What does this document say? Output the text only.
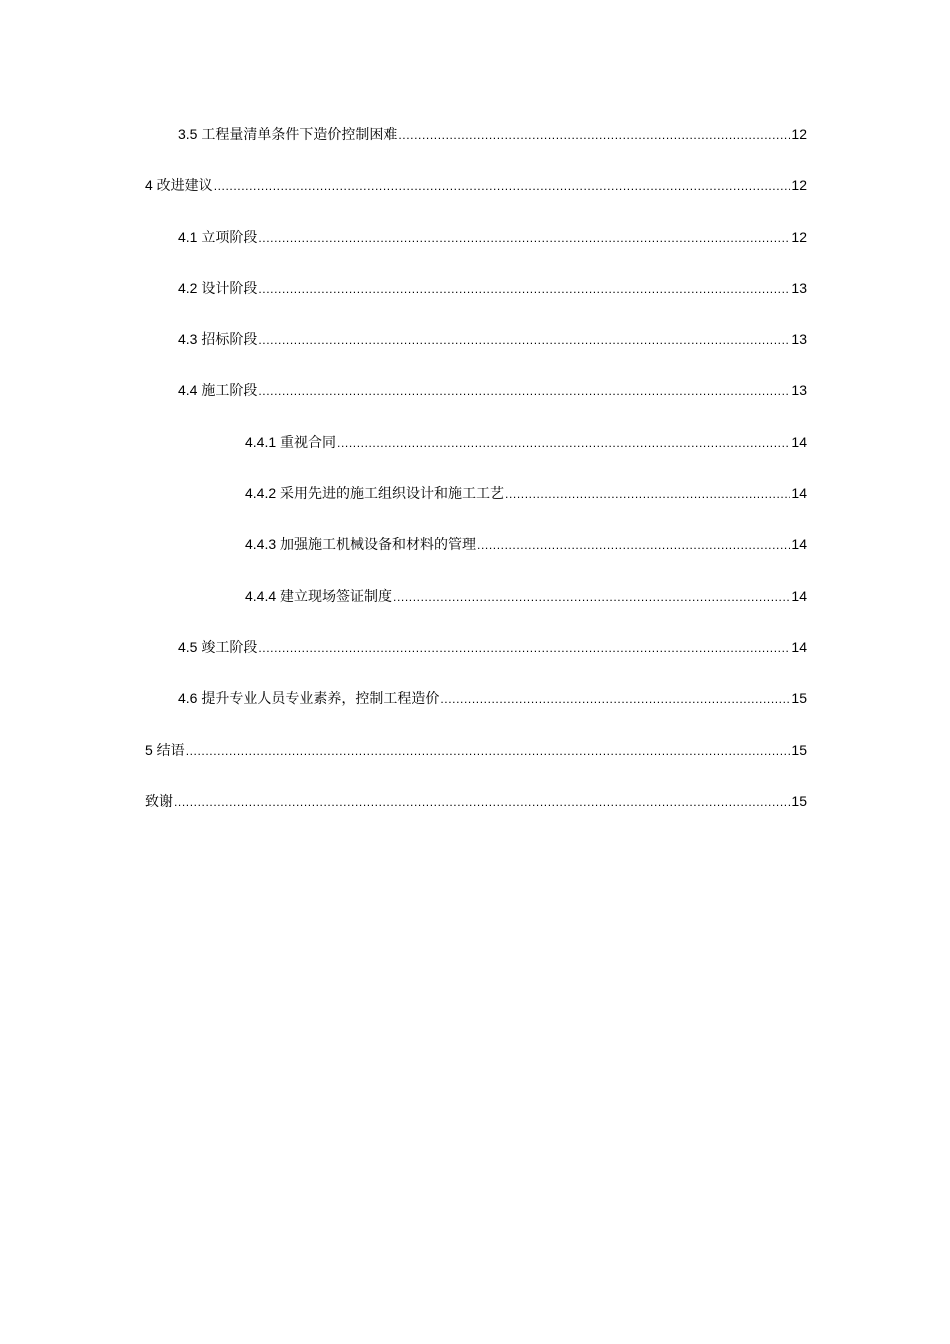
3.5 工程量清单条件下造价控制困难 .....	12
4 改进建议 .....	12
4.1 立项阶段 .....	12
4.2 设计阶段 .....	13
4.3 招标阶段 .....	13
4.4 施工阶段 .....	13
4.4.1 重视合同 .....	14
4.4.2 采用先进的施工组织设计和施工工艺 .....	14
4.4.3 加强施工机械设备和材料的管理 .....	14
4.4.4 建立现场签证制度 .....	14
4.5 竣工阶段 .....	14
4.6 提升专业人员专业素养，控制工程造价 .....	15
5 结语 .....	15
致谢 .....	15
